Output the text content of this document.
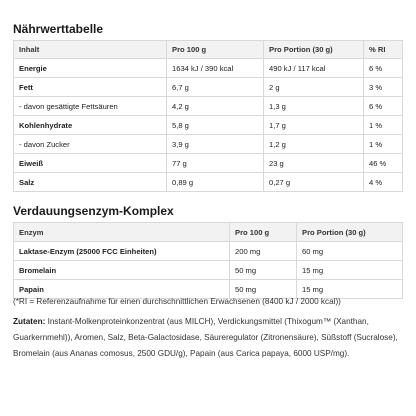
Nährwerttabelle
Inhalt	Pro 100 g	Pro Portion (30 g)	% RI
Energie	1634 kJ / 390 kcal	490 kJ / 117 kcal	6 %
Fett	6,7 g	2 g	3 %
- davon gesättigte Fettsäuren	4,2 g	1,3 g	6 %
Kohlenhydrate	5,8 g	1,7 g	1 %
- davon Zucker	3,9 g	1,2 g	1 %
Eiweiß	77 g	23 g	46 %
Salz	0,89 g	0,27 g	4 %
Verdauungsenzym-Komplex
Enzym	Pro 100 g	Pro Portion (30 g)
Laktase-Enzym (25000 FCC Einheiten)	200 mg	60 mg
Bromelain	50 mg	15 mg
Papain	50 mg	15 mg

(*RI = Referenzaufnahme für einen durchschnittlichen Erwachsenen (8400 kJ / 2000 kcal))

Zutaten: Instant-Molkenproteinkonzentrat (aus MILCH), Verdickungsmittel (Thixogum™ (Xanthan, Guarkernmehl)), Aromen, Salz, Beta-Galactosidase, Säureregulator (Zitronensäure), Süßstoff (Sucralose), Bromelain (aus Ananas comosus, 2500 GDU/g), Papain (aus Carica papaya, 6000 USP/mg).
